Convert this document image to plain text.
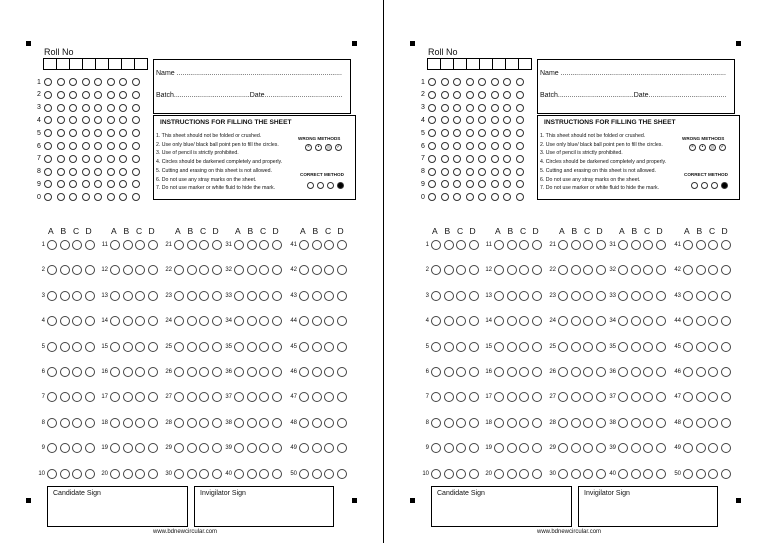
Roll No
1
2
3
4
5
6
7
8
9
0
Name .....................................................................................
Batch.......................................Date........................................
INSTRUCTIONS FOR FILLING THE SHEET
1. This sheet should not be folded or crushed.
2. Use only blue/ black ball point pen to fill the circles.
3. Use of pencil is strictly prohibited.
4. Circles should be darkened completely and properly.
5. Cutting and erasing on this sheet is not allowed.
6. Do not use any stray marks on the sheet.
7. Do not use marker or white fluid to hide the mark.
WRONG METHODS
×	•	▒	✓
CORRECT METHOD
A B C D
1
2
3
4
5
6
7
8
9
10
A B C D
11
12
13
14
15
16
17
18
19
20
A B C D
21
22
23
24
25
26
27
28
29
30
A B C D
31
32
33
34
35
36
37
38
39
40
A B C D
41
42
43
44
45
46
47
48
49
50
Candidate Sign	Invigilator Sign
www.bdnewcircular.com
Roll No
1
2
3
4
5
6
7
8
9
0
Name .....................................................................................
Batch.......................................Date........................................
INSTRUCTIONS FOR FILLING THE SHEET
1. This sheet should not be folded or crushed.
2. Use only blue/ black ball point pen to fill the circles.
3. Use of pencil is strictly prohibited.
4. Circles should be darkened completely and properly.
5. Cutting and erasing on this sheet is not allowed.
6. Do not use any stray marks on the sheet.
7. Do not use marker or white fluid to hide the mark.
WRONG METHODS
×	•	▒	✓
CORRECT METHOD
A B C D
1
2
3
4
5
6
7
8
9
10
A B C D
11
12
13
14
15
16
17
18
19
20
A B C D
21
22
23
24
25
26
27
28
29
30
A B C D
31
32
33
34
35
36
37
38
39
40
A B C D
41
42
43
44
45
46
47
48
49
50
Candidate Sign	Invigilator Sign
www.bdnewcircular.com
